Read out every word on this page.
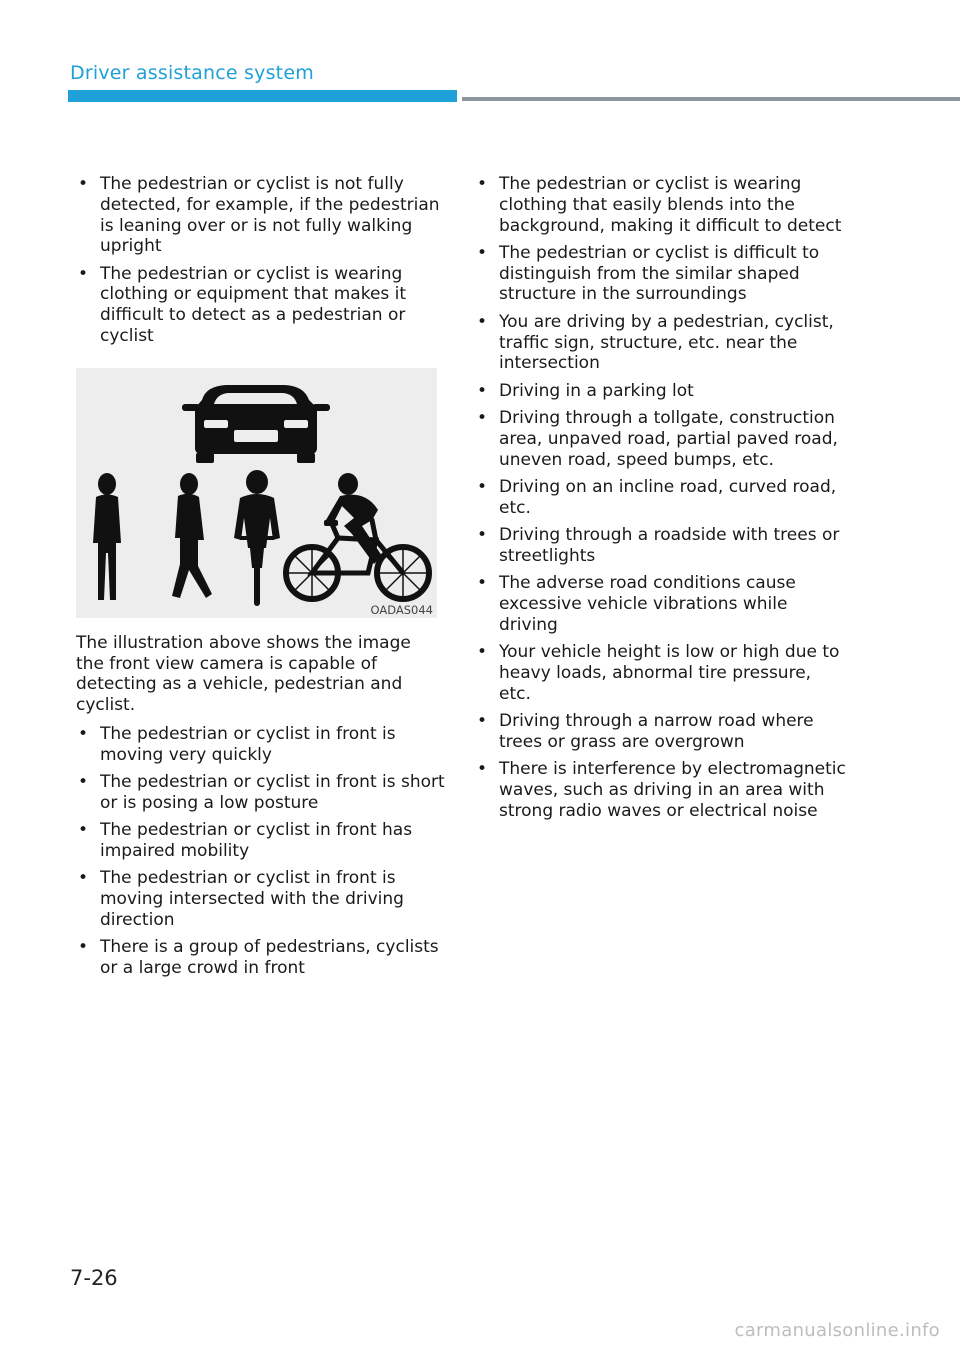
Driver assistance system
• The pedestrian or cyclist is not fully detected, for example, if the pedestrian is leaning over or is not fully walking upright
• The pedestrian or cyclist is wearing clothing or equipment that makes it difficult to detect as a pedestrian or cyclist
OADAS044

The illustration above shows the image the front view camera is capable of detecting as a vehicle, pedestrian and cyclist.

• The pedestrian or cyclist in front is moving very quickly
• The pedestrian or cyclist in front is short or is posing a low posture
• The pedestrian or cyclist in front has impaired mobility
• The pedestrian or cyclist in front is moving intersected with the driving direction
• There is a group of pedestrians, cyclists or a large crowd in front
• The pedestrian or cyclist is wearing clothing that easily blends into the background, making it difficult to detect
• The pedestrian or cyclist is difficult to distinguish from the similar shaped structure in the surroundings
• You are driving by a pedestrian, cyclist, traffic sign, structure, etc. near the intersection
• Driving in a parking lot
• Driving through a tollgate, construction area, unpaved road, partial paved road, uneven road, speed bumps, etc.
• Driving on an incline road, curved road, etc.
• Driving through a roadside with trees or streetlights
• The adverse road conditions cause excessive vehicle vibrations while driving
• Your vehicle height is low or high due to heavy loads, abnormal tire pressure, etc.
• Driving through a narrow road where trees or grass are overgrown
• There is interference by electromagnetic waves, such as driving in an area with strong radio waves or electrical noise
7-26
carmanualsonline.info
